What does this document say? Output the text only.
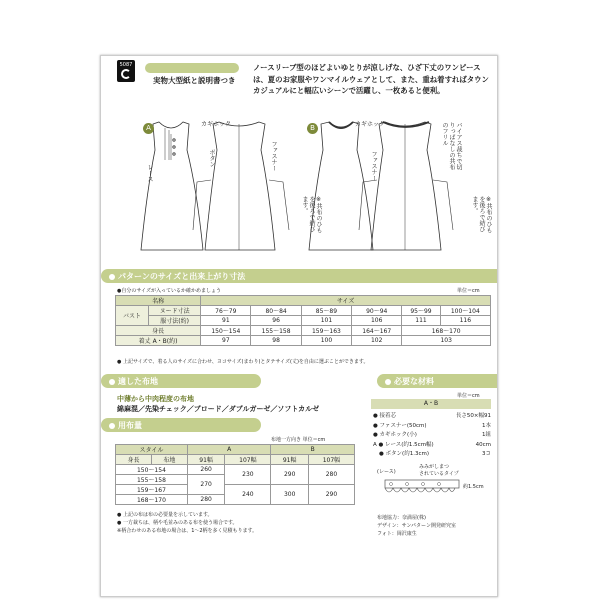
5087
実物大型紙と説明書つき
ノースリーブ型のほどよいゆとりが涼しげな、ひざ下丈のワンピースは、夏のお家服やワンマイルウェアとして、また、重ね着すればタウンカジュアルにと幅広いシーンで活躍し、一枚あると便利。
A	B
カギホック
ボタン
レース
ファスナー
カギホック
ファスナー	バイアス裁ちで切りっぱなしの共布のフリル
※共布のひもを後ろで結びます。	※共布のひもを後ろで結びます。
パターンのサイズと出来上がり寸法
●自分のサイズが入っているか確かめましょう	単位＝cm
名称		サイズ					
バスト	ヌード寸法	76〜79	80〜84	85〜89	90〜94	95〜99	100〜104
	服寸法(約)	91	96	101	106	111	116
身長		150〜154	155〜158	159〜163	164〜167	168〜170	
着丈 A・B(約)		97	98	100	102	103	
● 上記サイズで、着る人のサイズに合わせ、ヨコサイズ(まわり)とタテサイズ(丈)を自由に選ぶことができます。
適した布地
中薄から中肉程度の布地
綿麻混／先染チェック／ブロード／ダブルガーゼ／ソフトカルゼ
必要な材料
単位＝cm
A・B
● 接着芯	長さ50×幅91
● ファスナー(50cm)	1本
● カギホック(小)	1組
A ● レース(約1.5cm幅)	40cm
● ボタン(約1.3cm)	3コ
(レース)
みみがしまつ
されているタイプ
約1.5cm
用布量
布地一方向き 単位＝cm
スタイル		A		B	
身長	布地	91幅	107幅	91幅	107幅
150〜154		260	230	290	280
155〜158		270			
159〜167			240	300	290
168〜170		280			
● 上記の布は布の必要量を示しています。
● 一方裁ちは、柄や毛並みのある布を使う場合です。
※柄合わせのある布地の場合は、1〜2柄を多く見積もります。
布地協力：奈満屋(株)
デザイン：サンパターン開発研究室
フォト：岡沢康生
